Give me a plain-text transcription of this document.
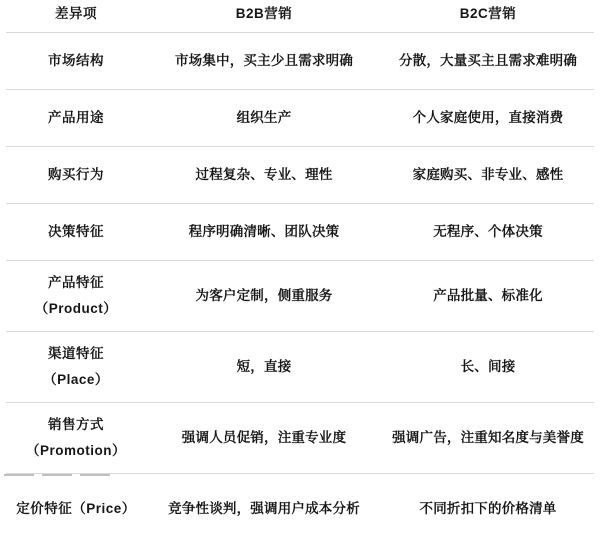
差异项	B2B营销	B2C营销

市场结构	市场集中，买主少且需求明确	分散，大量买主且需求难明确

产品用途	组织生产	个人家庭使用，直接消费

购买行为	过程复杂、专业、理性	家庭购买、非专业、感性

决策特征	程序明确清晰、团队决策	无程序、个体决策

产品特征
（Product）	为客户定制，侧重服务	产品批量、标准化

渠道特征
（Place）	短，直接	长、间接

销售方式
（Promotion）	强调人员促销，注重专业度	强调广告，注重知名度与美誉度

定价特征（Price）	竞争性谈判，强调用户成本分析	不同折扣下的价格清单
